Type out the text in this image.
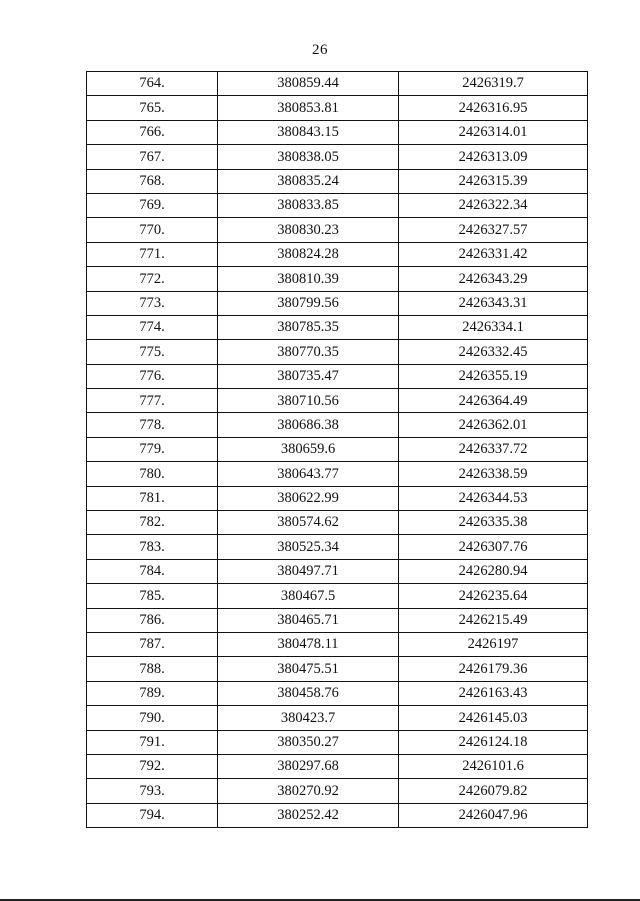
26
764.	380859.44	2426319.7
765.	380853.81	2426316.95
766.	380843.15	2426314.01
767.	380838.05	2426313.09
768.	380835.24	2426315.39
769.	380833.85	2426322.34
770.	380830.23	2426327.57
771.	380824.28	2426331.42
772.	380810.39	2426343.29
773.	380799.56	2426343.31
774.	380785.35	2426334.1
775.	380770.35	2426332.45
776.	380735.47	2426355.19
777.	380710.56	2426364.49
778.	380686.38	2426362.01
779.	380659.6	2426337.72
780.	380643.77	2426338.59
781.	380622.99	2426344.53
782.	380574.62	2426335.38
783.	380525.34	2426307.76
784.	380497.71	2426280.94
785.	380467.5	2426235.64
786.	380465.71	2426215.49
787.	380478.11	2426197
788.	380475.51	2426179.36
789.	380458.76	2426163.43
790.	380423.7	2426145.03
791.	380350.27	2426124.18
792.	380297.68	2426101.6
793.	380270.92	2426079.82
794.	380252.42	2426047.96
